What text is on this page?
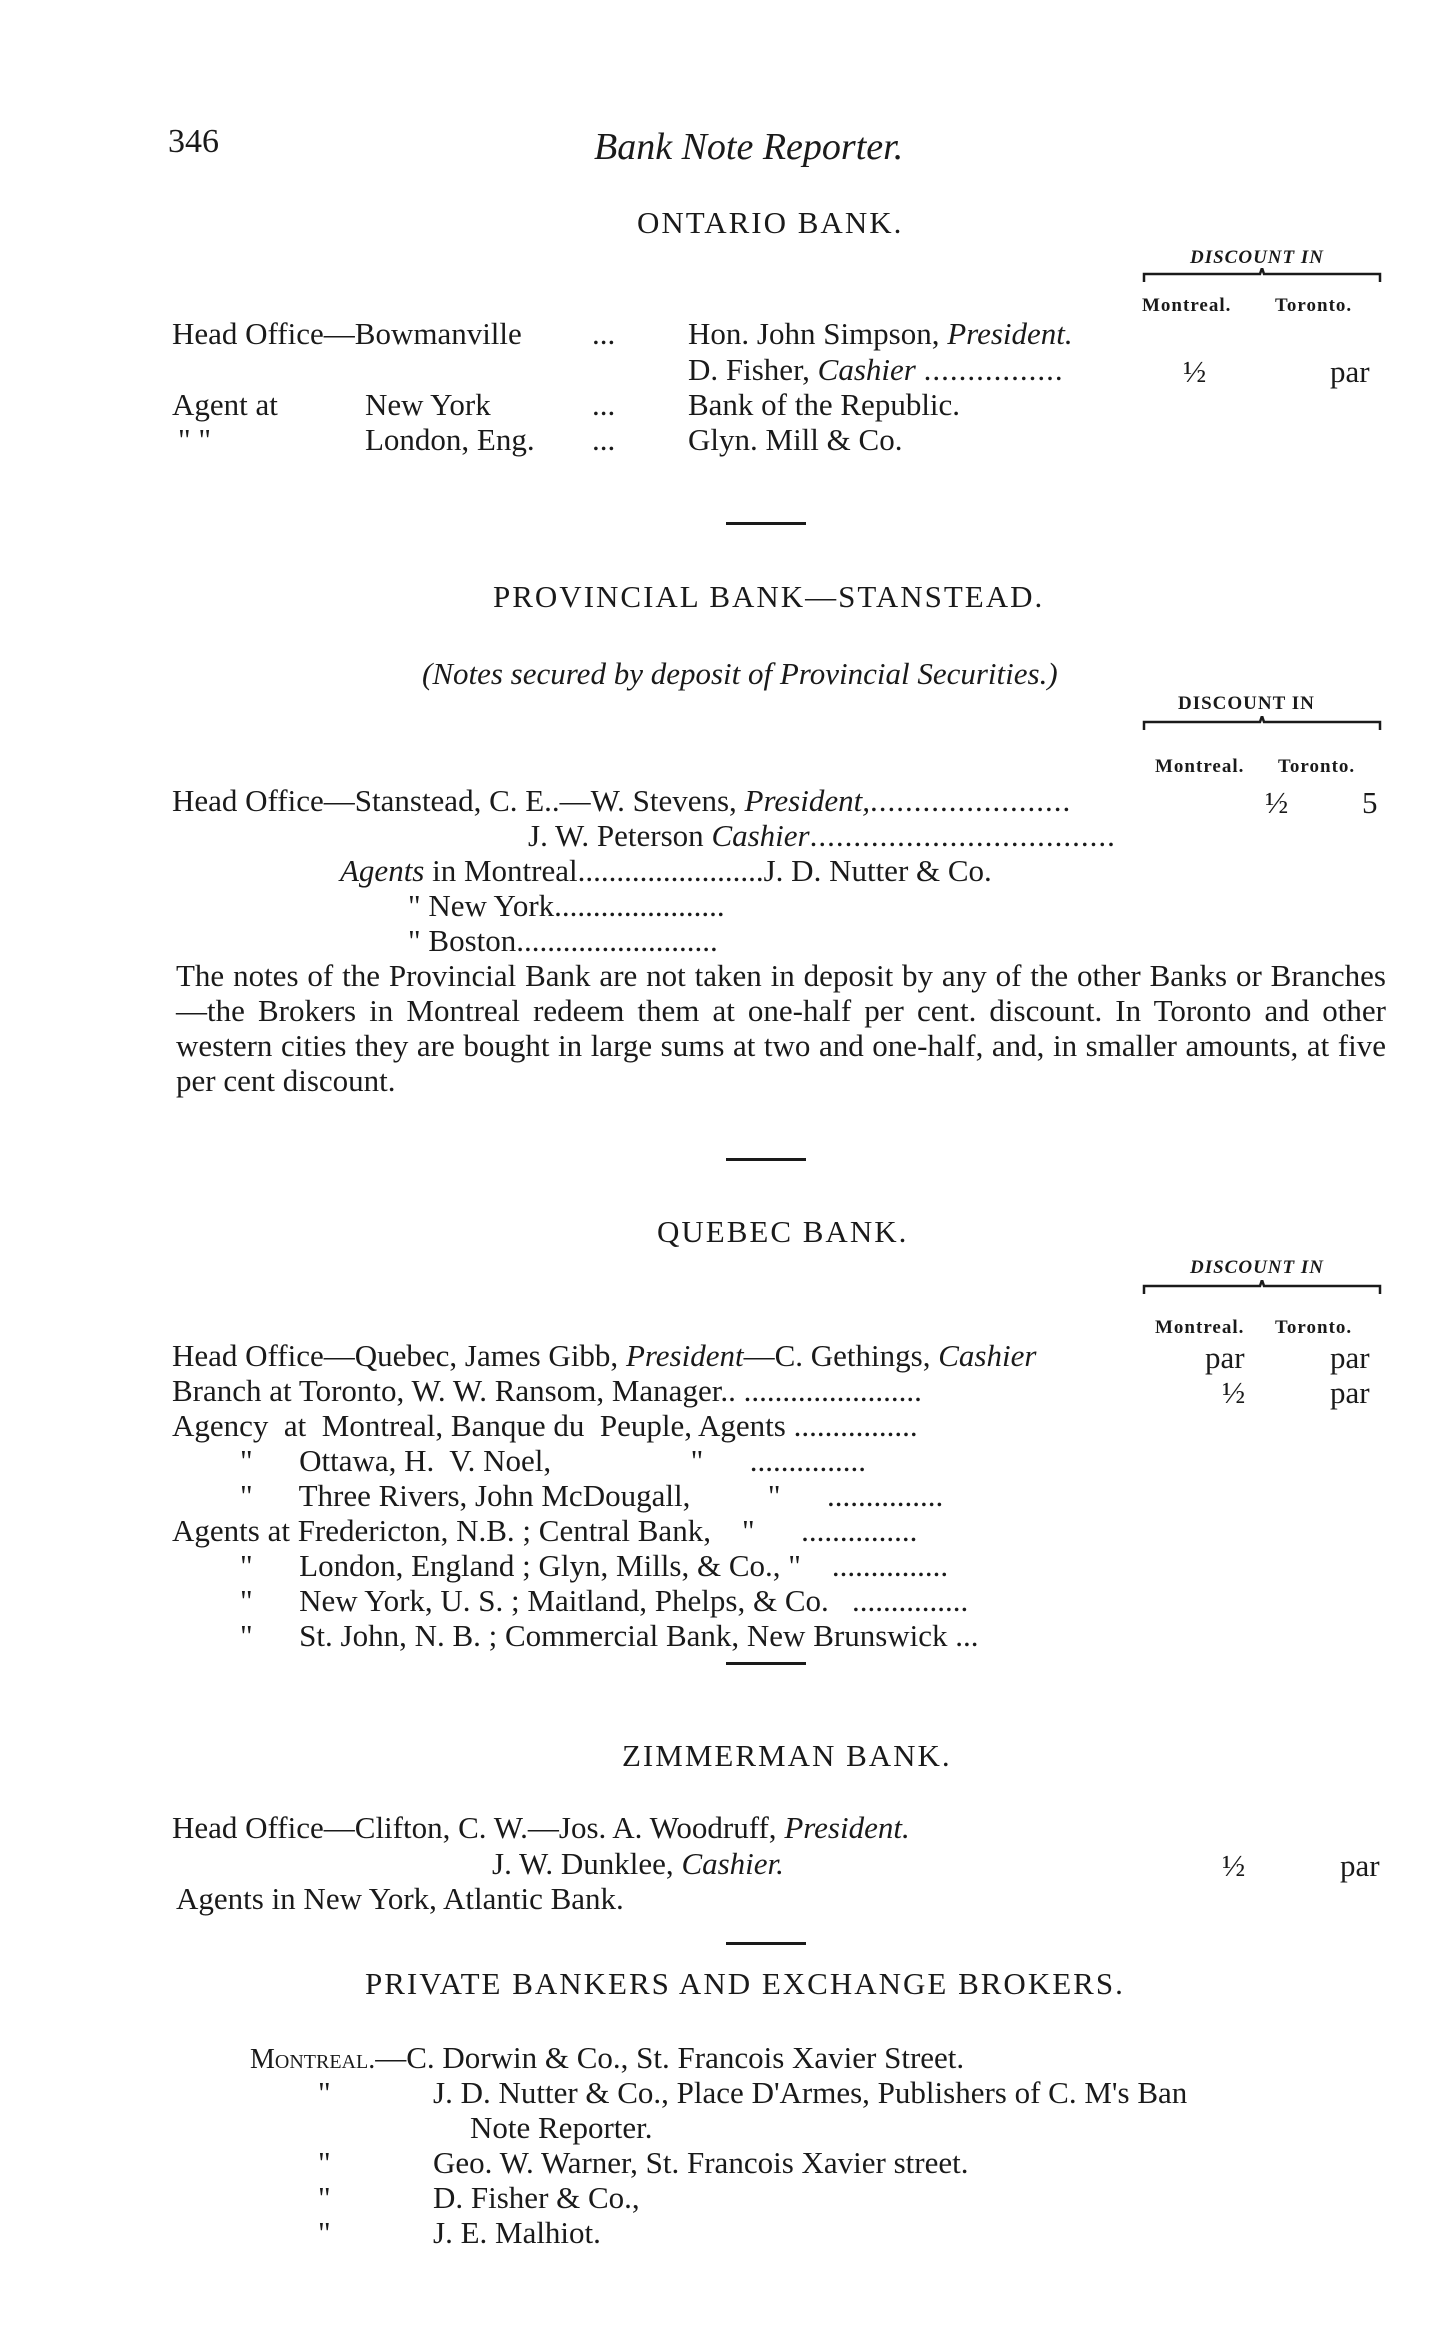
346	Bank Note Reporter.
ONTARIO BANK.
DISCOUNT IN
Montreal. Toronto.
Head Office—Bowmanville ... Hon. John Simpson, President.
D. Fisher, Cashier ................	½	par
Agent at	New York	... Bank of the Republic.
" "	London, Eng. ... Glyn. Mill & Co.
PROVINCIAL BANK—STANSTEAD.
(Notes secured by deposit of Provincial Securities.)
DISCOUNT IN
Montreal. Toronto.
Head Office—Stanstead, C. E..—W. Stevens, President,.......................	½ 5
J. W. Peterson Cashier...................................
Agents in Montreal........................J. D. Nutter & Co.
" New York......................
" Boston..........................
The notes of the Provincial Bank are not taken in deposit by any of the other Banks or Branches—the Brokers in Montreal redeem them at one-half per cent. discount. In Toronto and other western cities they are bought in large sums at two and one-half, and, in smaller amounts, at five per cent discount.
QUEBEC BANK.
DISCOUNT IN
Montreal. Toronto.
Head Office—Quebec, James Gibb, President—C. Gethings, Cashier	par	par
Branch at Toronto, W. W. Ransom, Manager.. .......................	½	par
Agency  at  Montreal, Banque du  Peuple, Agents ................
"      Ottawa, H.  V. Noel,                  "      ...............
"      Three Rivers, John McDougall,          "      ...............
Agents at Fredericton, N.B. ; Central Bank,    "      ...............
"      London, England ; Glyn, Mills, & Co., "    ...............
"      New York, U. S. ; Maitland, Phelps, & Co.   ...............
"      St. John, N. B. ; Commercial Bank, New Brunswick ...
ZIMMERMAN BANK.
Head Office—Clifton, C. W.—Jos. A. Woodruff, President.
J. W. Dunklee, Cashier.	½	par
Agents in New York, Atlantic Bank.
PRIVATE BANKERS AND EXCHANGE BROKERS.
Montreal.—C. Dorwin & Co., St. Francois Xavier Street.
"	J. D. Nutter & Co., Place D'Armes, Publishers of C. M's Ban
Note Reporter.
"	Geo. W. Warner, St. Francois Xavier street.
"	D. Fisher & Co.,
"	J. E. Malhiot.
